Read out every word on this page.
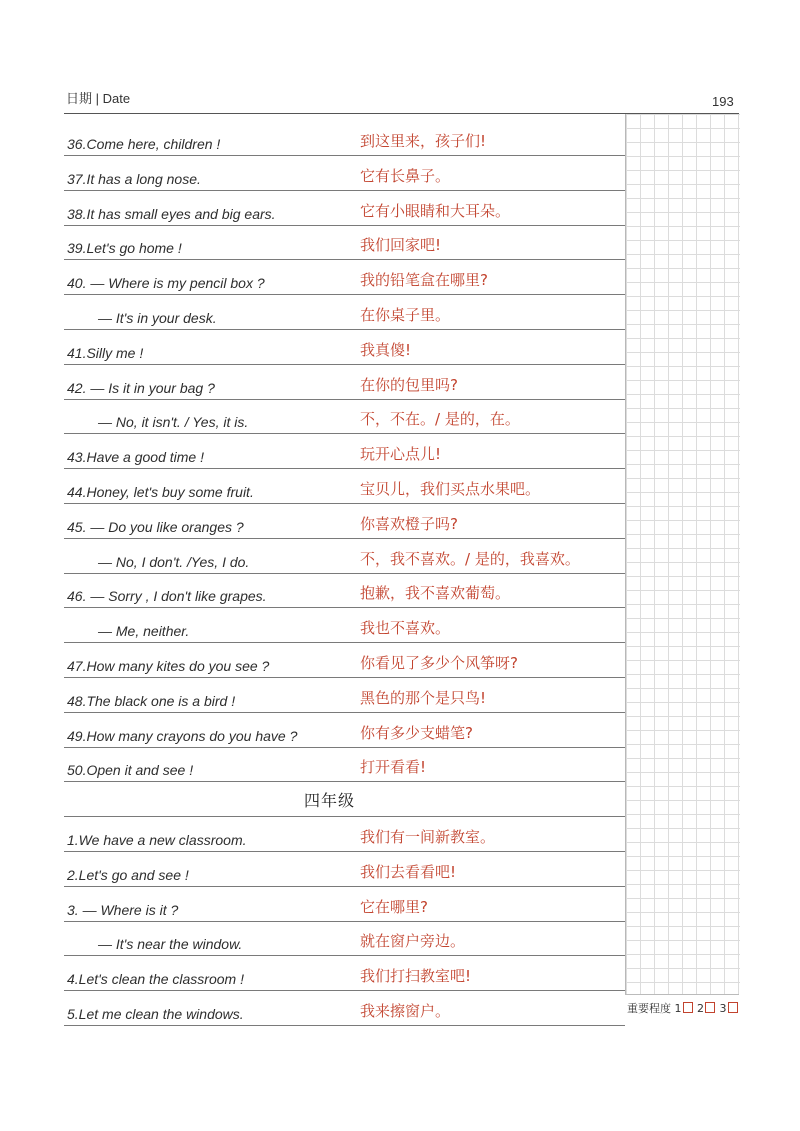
日期 | Date	193
36.Come here, children !	到这里来，孩子们!
37.It has a long nose.	它有长鼻子。
38.It has small eyes and big ears.	它有小眼睛和大耳朵。
39.Let's go home !	我们回家吧!
40. — Where is my pencil box ?	我的铅笔盒在哪里?
— It's in your desk.	在你桌子里。
41.Silly me !	我真傻!
42. — Is it in your bag ?	在你的包里吗?
— No, it isn't. / Yes, it is.	不，不在。/ 是的，在。
43.Have a good time !	玩开心点儿!
44.Honey, let's buy some fruit.	宝贝儿，我们买点水果吧。
45. — Do you like oranges ?	你喜欢橙子吗?
— No, I don't. /Yes, I do.	不，我不喜欢。/ 是的，我喜欢。
46. — Sorry , I don't like grapes.	抱歉，我不喜欢葡萄。
— Me, neither.	我也不喜欢。
47.How many kites do you see ?	你看见了多少个风筝呀?
48.The black one is a bird !	黑色的那个是只鸟!
49.How many crayons do you have ?	你有多少支蜡笔?
50.Open it and see !	打开看看!
四年级
1.We have a new classroom.	我们有一间新教室。
2.Let's go and see !	我们去看看吧!
3. — Where is it ?	它在哪里?
— It's near the window.	就在窗户旁边。
4.Let's clean the classroom !	我们打扫教室吧!
5.Let me clean the windows.	我来擦窗户。	重要程度 1 2 3
